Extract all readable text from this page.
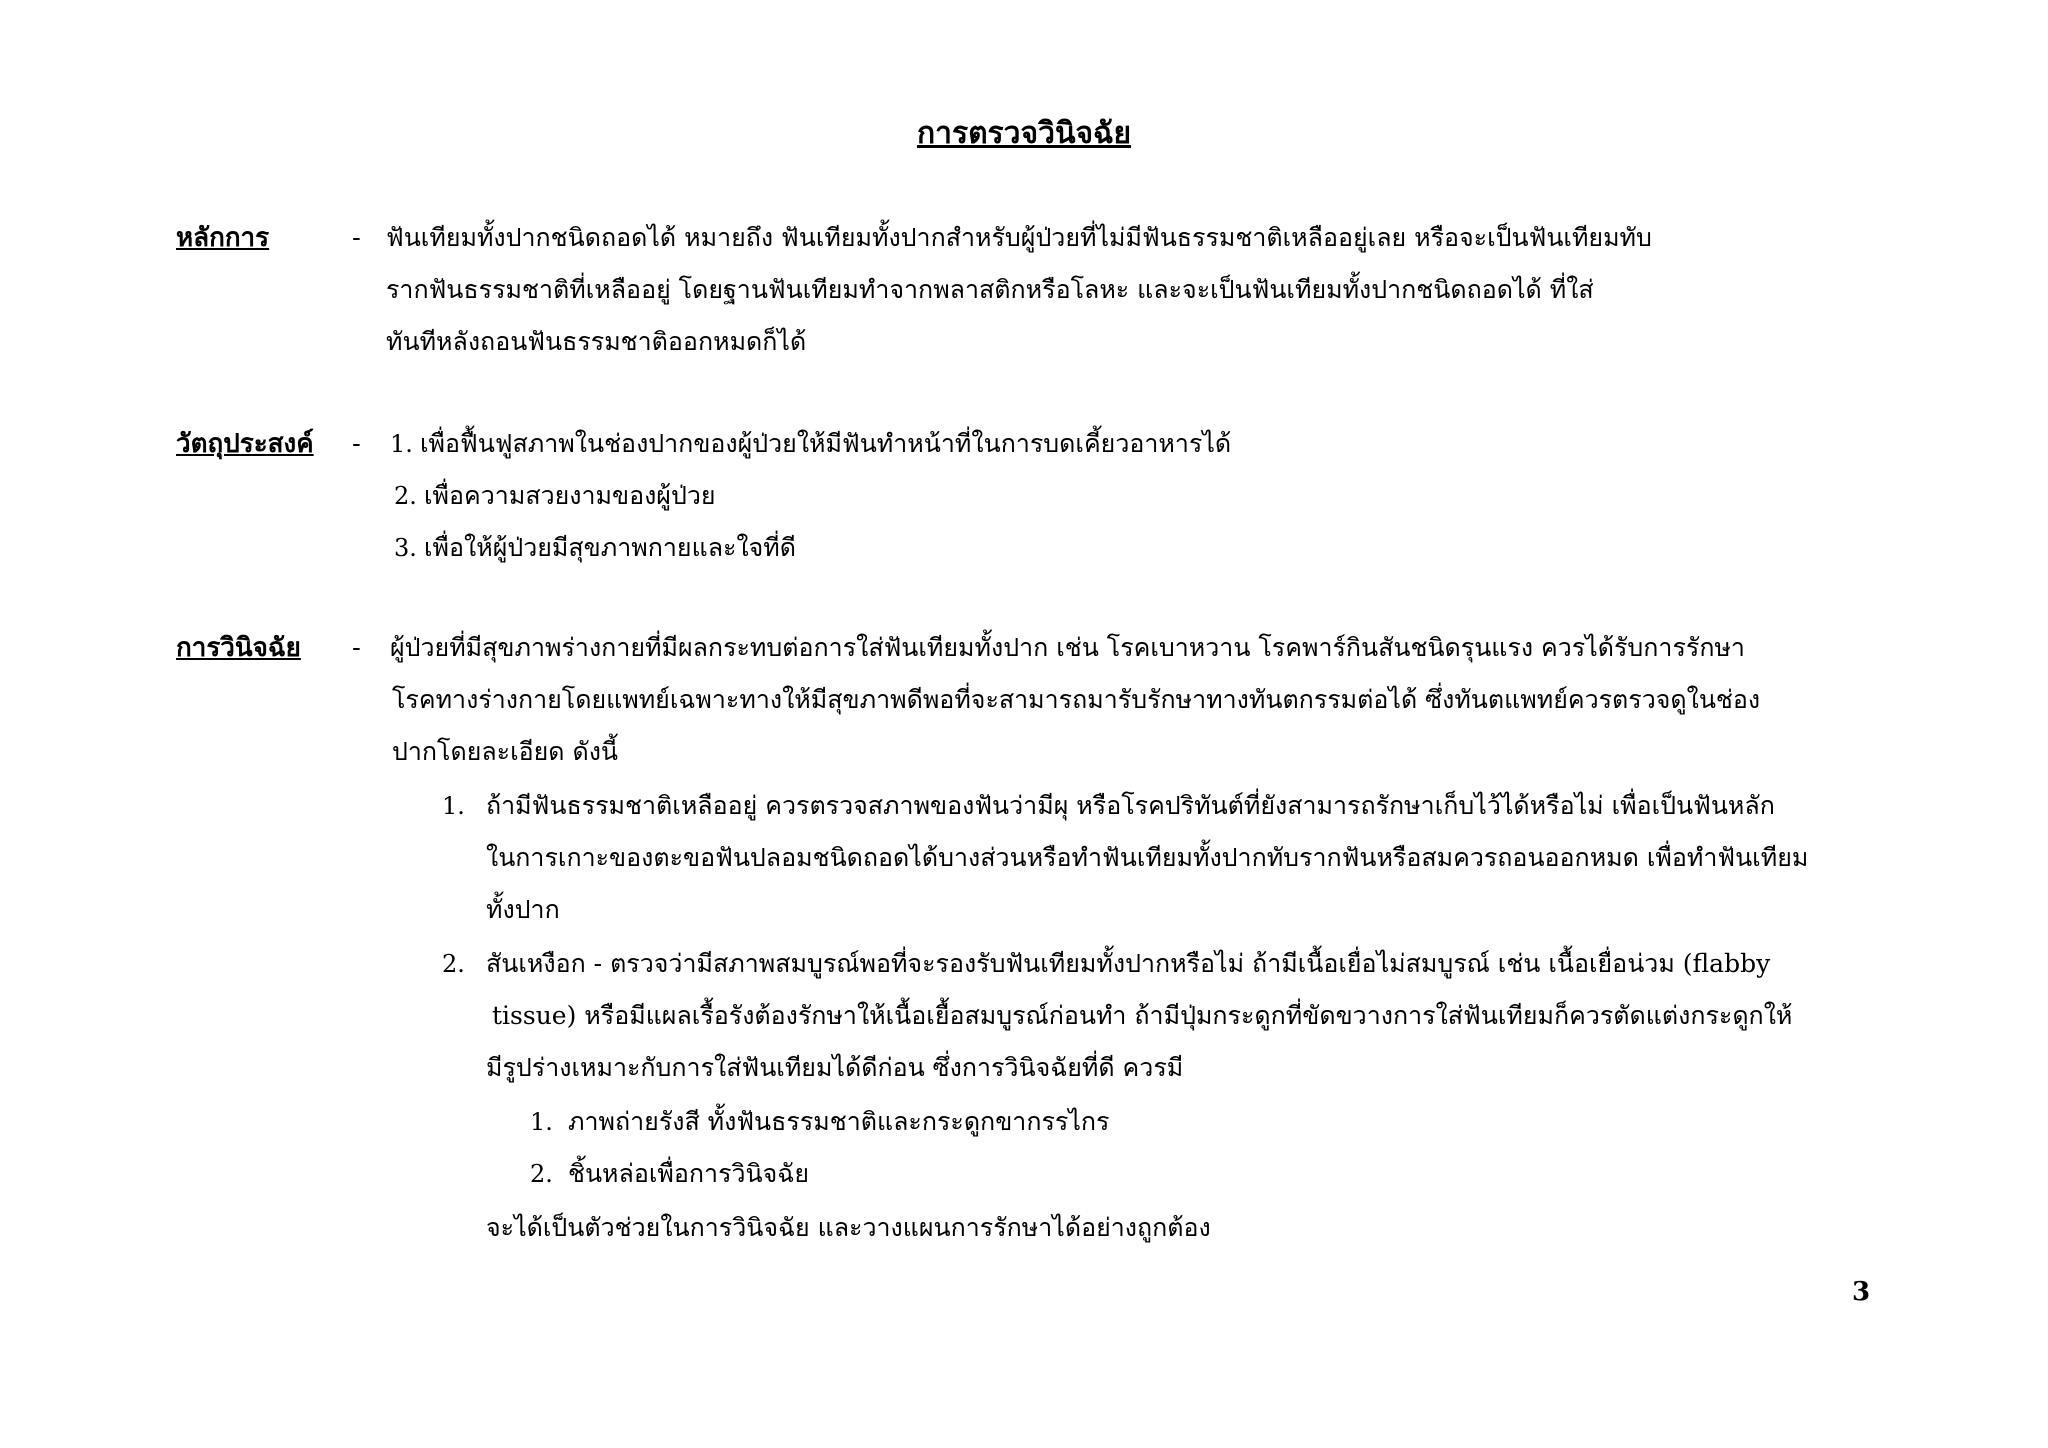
การตรวจวินิจฉัย
หลักการ	- ฟันเทียมทั้งปากชนิดถอดได้ หมายถึง ฟันเทียมทั้งปากสำหรับผู้ป่วยที่ไม่มีฟันธรรมชาติเหลืออยู่เลย หรือจะเป็นฟันเทียมทับ
รากฟันธรรมชาติที่เหลืออยู่ โดยฐานฟันเทียมทำจากพลาสติกหรือโลหะ และจะเป็นฟันเทียมทั้งปากชนิดถอดได้ ที่ใส่
ทันทีหลังถอนฟันธรรมชาติออกหมดก็ได้
วัตถุประสงค์ - 1. เพื่อฟื้นฟูสภาพในช่องปากของผู้ป่วยให้มีฟันทำหน้าที่ในการบดเคี้ยวอาหารได้
2. เพื่อความสวยงามของผู้ป่วย
3. เพื่อให้ผู้ป่วยมีสุขภาพกายและใจที่ดี
การวินิจฉัย - ผู้ป่วยที่มีสุขภาพร่างกายที่มีผลกระทบต่อการใส่ฟันเทียมทั้งปาก เช่น โรคเบาหวาน โรคพาร์กินสันชนิดรุนแรง ควรได้รับการรักษา
โรคทางร่างกายโดยแพทย์เฉพาะทางให้มีสุขภาพดีพอที่จะสามารถมารับรักษาทางทันตกรรมต่อได้ ซึ่งทันตแพทย์ควรตรวจดูในช่อง
ปากโดยละเอียด ดังนี้
1. ถ้ามีฟันธรรมชาติเหลืออยู่ ควรตรวจสภาพของฟันว่ามีผุ หรือโรคปริทันต์ที่ยังสามารถรักษาเก็บไว้ได้หรือไม่ เพื่อเป็นฟันหลัก
ในการเกาะของตะขอฟันปลอมชนิดถอดได้บางส่วนหรือทำฟันเทียมทั้งปากทับรากฟันหรือสมควรถอนออกหมด เพื่อทำฟันเทียม
ทั้งปาก
2. สันเหงือก - ตรวจว่ามีสภาพสมบูรณ์พอที่จะรองรับฟันเทียมทั้งปากหรือไม่ ถ้ามีเนื้อเยื่อไม่สมบูรณ์ เช่น เนื้อเยื่อน่วม (flabby
tissue) หรือมีแผลเรื้อรังต้องรักษาให้เนื้อเยื้อสมบูรณ์ก่อนทำ ถ้ามีปุ่มกระดูกที่ขัดขวางการใส่ฟันเทียมก็ควรตัดแต่งกระดูกให้
มีรูปร่างเหมาะกับการใส่ฟันเทียมได้ดีก่อน ซึ่งการวินิจฉัยที่ดี ควรมี
1. ภาพถ่ายรังสี ทั้งฟันธรรมชาติและกระดูกขากรรไกร
2. ชิ้นหล่อเพื่อการวินิจฉัย
จะได้เป็นตัวช่วยในการวินิจฉัย และวางแผนการรักษาได้อย่างถูกต้อง
3
